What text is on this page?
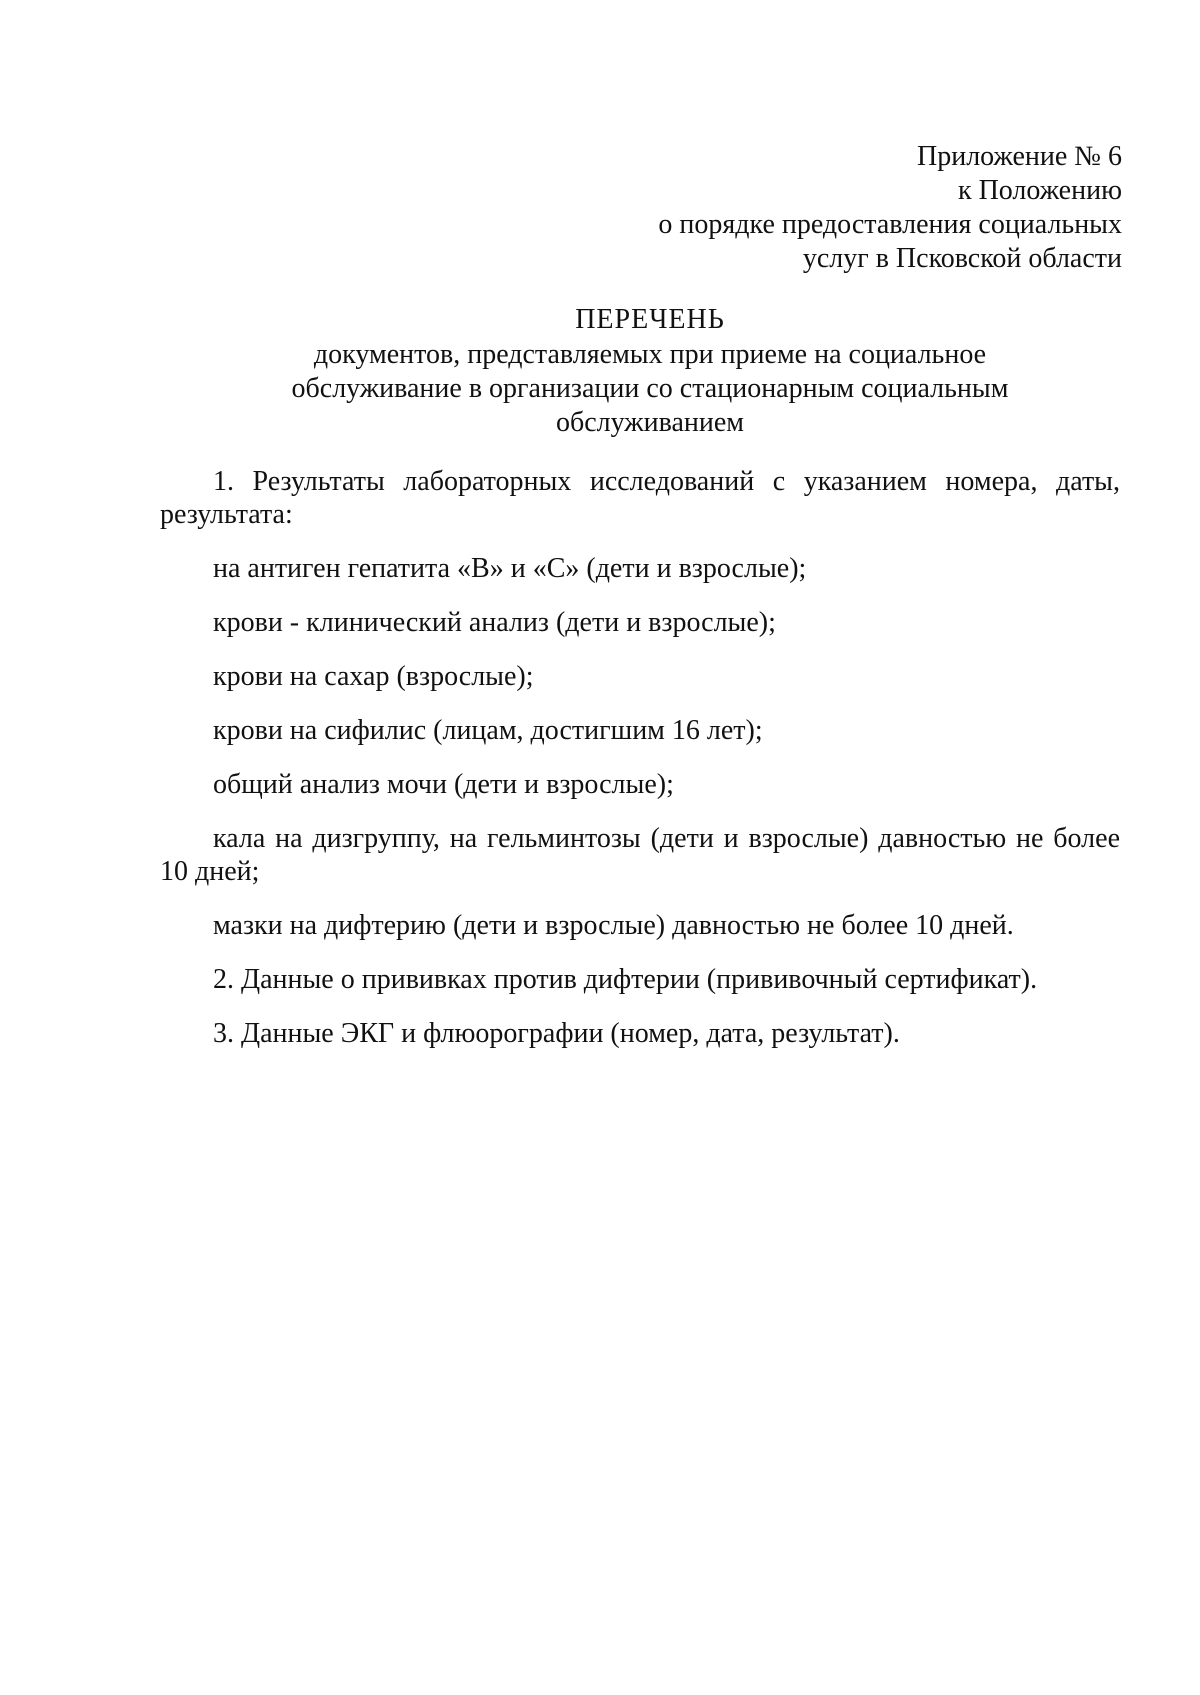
Приложение № 6
к Положению
о порядке предоставления социальных
услуг в Псковской области
ПЕРЕЧЕНЬ
документов, представляемых при приеме на социальное
обслуживание в организации со стационарным социальным
обслуживанием

1. Результаты лабораторных исследований с указанием номера, даты, результата:

на антиген гепатита «В» и «С» (дети и взрослые);

крови - клинический анализ (дети и взрослые);

крови на сахар (взрослые);

крови на сифилис (лицам, достигшим 16 лет);

общий анализ мочи (дети и взрослые);

кала на дизгруппу, на гельминтозы (дети и взрослые) давностью не более 10 дней;

мазки на дифтерию (дети и взрослые) давностью не более 10 дней.

2. Данные о прививках против дифтерии (прививочный сертификат).

3. Данные ЭКГ и флюорографии (номер, дата, результат).
